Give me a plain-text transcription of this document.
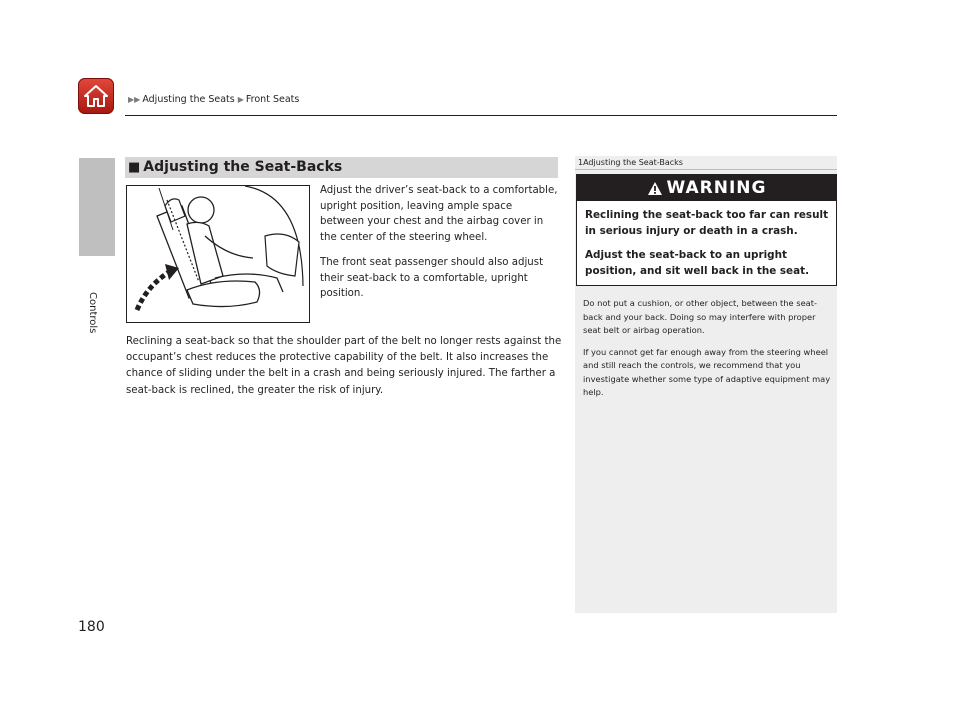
▶▶ Adjusting the Seats ▶ Front Seats
Controls
180
■ Adjusting the Seat-Backs

Adjust the driver’s seat-back to a comfortable, upright position, leaving ample space between your chest and the airbag cover in the center of the steering wheel.

The front seat passenger should also adjust their seat-back to a comfortable, upright position.

Reclining a seat-back so that the shoulder part of the belt no longer rests against the occupant’s chest reduces the protective capability of the belt. It also increases the chance of sliding under the belt in a crash and being seriously injured. The farther a seat-back is reclined, the greater the risk of injury.
1Adjusting the Seat-Backs
WARNING

Reclining the seat-back too far can result in serious injury or death in a crash.

Adjust the seat-back to an upright position, and sit well back in the seat.

Do not put a cushion, or other object, between the seat-back and your back. Doing so may interfere with proper seat belt or airbag operation.

If you cannot get far enough away from the steering wheel and still reach the controls, we recommend that you investigate whether some type of adaptive equipment may help.
